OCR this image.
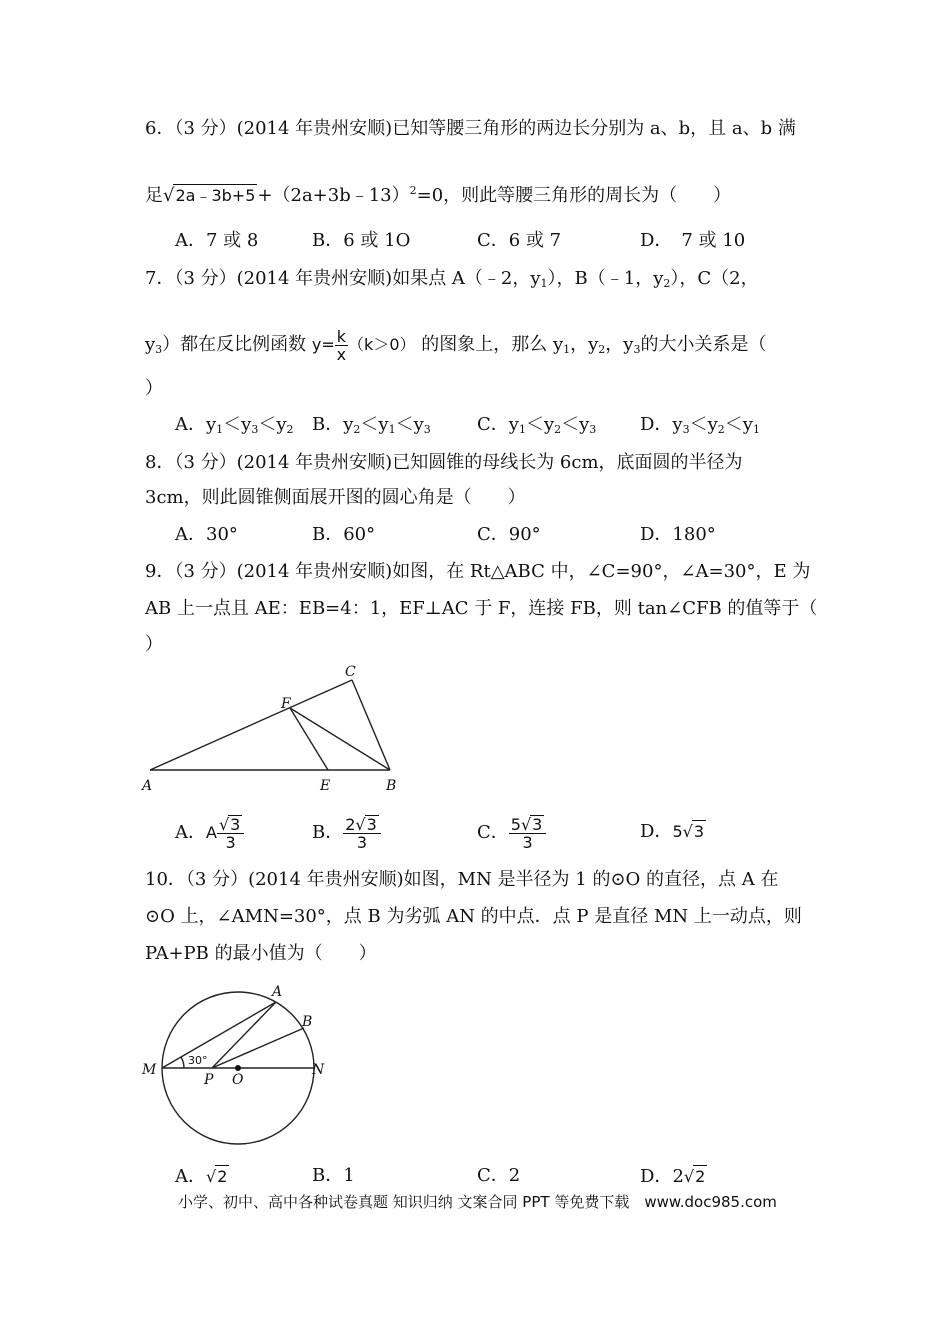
6．（3 分）(2014 年贵州安顺)已知等腰三角形的两边长分别为 a、b，且 a、b 满
足√2a﹣3b+5 +（2a+3b﹣13）$^2$=0，则此等腰三角形的周长为（　　）
A．7 或 8	B．6 或 1O	C．6 或 7	D．　7 或 10
7．（3 分）(2014 年贵州安顺)如果点 A（﹣2，$y_1$），B（﹣1，$y_2$），C（2，
$y_3$）都在反比例函数 $y= \frac{k}{x} (k>0)$ 的图象上，那么 $y_1$，$y_2$，$y_3$的大小关系是（
）
A．$y_1<y_3<y_2$ B．$y_2<y_1<y_3$	C．$y_1<y_2<y_3$ D．$y_3<y_2<y_1$
8．（3 分）(2014 年贵州安顺)已知圆锥的母线长为 6cm，底面圆的半径为
3cm，则此圆锥侧面展开图的圆心角是（　　）
A．30°	B．60°	C．90°	D．180°
9．（3 分）(2014 年贵州安顺)如图，在 Rt△ABC 中，∠C=90°，∠A=30°，E 为
AB 上一点且 AE：EB=4：1，EF⊥AC 于 F，连接 FB，则 tan∠CFB 的值等于（
）
A	B
C
E
F
A．A $\frac{√3}{3}$	B． $\frac{2√3}{3}$	C． $\frac{5√3}{3}$	D．5√3
10．（3 分）(2014 年贵州安顺)如图，MN 是半径为 1 的⊙O 的直径，点 A 在
⊙O 上，∠AMN=30°，点 B 为劣弧 AN 的中点．点 P 是直径 MN 上一动点，则
PA+PB 的最小值为（　　）
M	N
A
B
P O
30°
A．√2	B．1	C．2	D．2√2
小学、初中、高中各种试卷真题 知识归纳 文案合同 PPT 等免费下载　www.doc985.com
